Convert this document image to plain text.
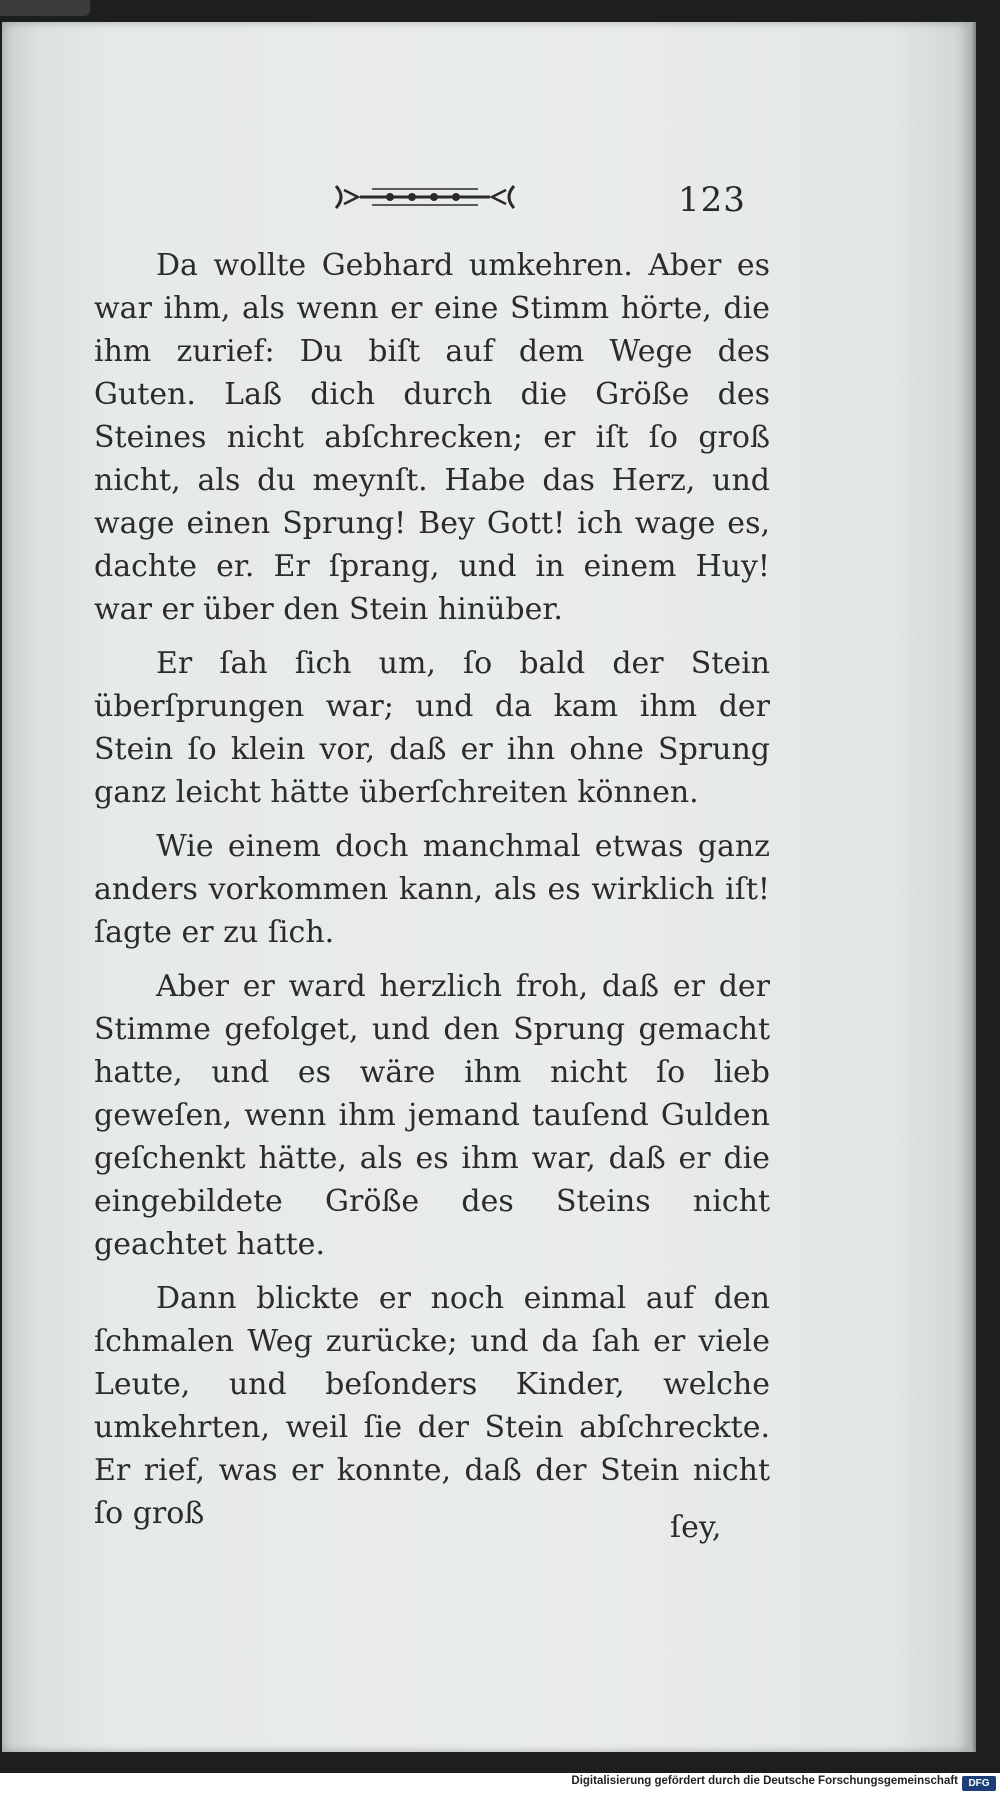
123

Da wollte Gebhard umkehren. Aber es war ihm, als wenn er eine Stimm hörte, die ihm zurief: Du biſt auf dem Wege des Guten. Laß dich durch die Größe des Steines nicht abſchrecken; er iſt ſo groß nicht, als du meynſt. Habe das Herz, und wage einen Sprung! Bey Gott! ich wage es, dachte er. Er ſprang, und in einem Huy! war er über den Stein hinüber.

Er ſah ſich um, ſo bald der Stein überſprungen war; und da kam ihm der Stein ſo klein vor, daß er ihn ohne Sprung ganz leicht hätte überſchreiten können.

Wie einem doch manchmal etwas ganz anders vorkommen kann, als es wirklich iſt! ſagte er zu ſich.

Aber er ward herzlich froh, daß er der Stimme gefolget, und den Sprung gemacht hatte, und es wäre ihm nicht ſo lieb geweſen, wenn ihm jemand tauſend Gulden geſchenkt hätte, als es ihm war, daß er die eingebildete Größe des Steins nicht geachtet hatte.

Dann blickte er noch einmal auf den ſchmalen Weg zurücke; und da ſah er viele Leute, und beſonders Kinder, welche umkehrten, weil ſie der Stein abſchreckte. Er rief, was er konnte, daß der Stein nicht ſo groß	ſey,
Digitalisierung gefördert durch die Deutsche Forschungsgemeinschaft	DFG
